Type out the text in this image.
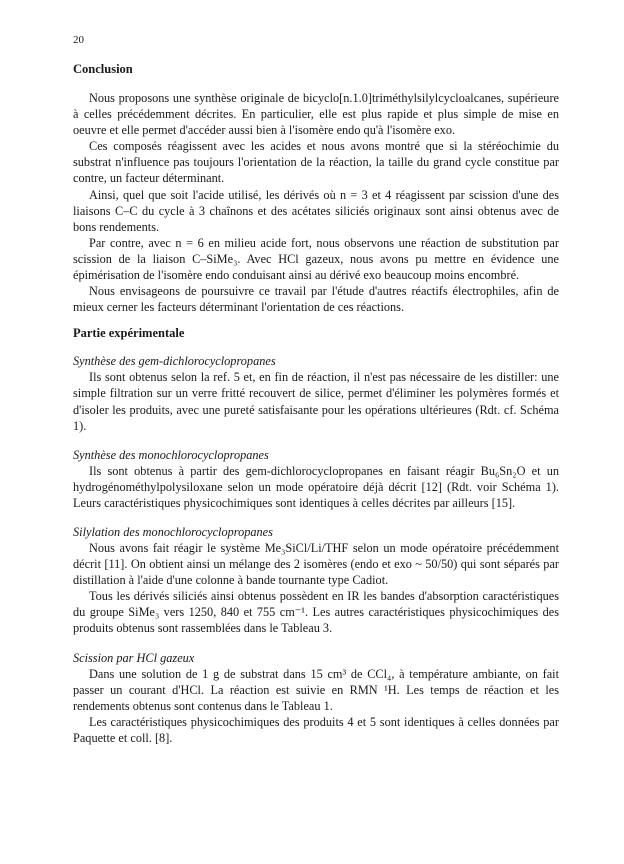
20
Conclusion

Nous proposons une synthèse originale de bicyclo[n.1.0]triméthylsilylcycloalcanes, supérieure à celles précédemment décrites. En particulier, elle est plus rapide et plus simple de mise en oeuvre et elle permet d'accéder aussi bien à l'isomère endo qu'à l'isomère exo.

Ces composés réagissent avec les acides et nous avons montré que si la stéréochimie du substrat n'influence pas toujours l'orientation de la réaction, la taille du grand cycle constitue par contre, un facteur déterminant.

Ainsi, quel que soit l'acide utilisé, les dérivés où n = 3 et 4 réagissent par scission d'une des liaisons C–C du cycle à 3 chaînons et des acétates siliciés originaux sont ainsi obtenus avec de bons rendements.

Par contre, avec n = 6 en milieu acide fort, nous observons une réaction de substitution par scission de la liaison C–SiMe₃. Avec HCl gazeux, nous avons pu mettre en évidence une épimérisation de l'isomère endo conduisant ainsi au dérivé exo beaucoup moins encombré.

Nous envisageons de poursuivre ce travail par l'étude d'autres réactifs électrophiles, afin de mieux cerner les facteurs déterminant l'orientation de ces réactions.

Partie expérimentale
Synthèse des gem-dichlorocyclopropanes

Ils sont obtenus selon la ref. 5 et, en fin de réaction, il n'est pas nécessaire de les distiller: une simple filtration sur un verre fritté recouvert de silice, permet d'éliminer les polymères formés et d'isoler les produits, avec une pureté satisfaisante pour les opérations ultérieures (Rdt. cf. Schéma 1).

Synthèse des monochlorocyclopropanes

Ils sont obtenus à partir des gem-dichlorocyclopropanes en faisant réagir Bu₆Sn₂O et un hydrogénométhylpolysiloxane selon un mode opératoire déjà décrit [12] (Rdt. voir Schéma 1). Leurs caractéristiques physicochimiques sont identiques à celles décrites par ailleurs [15].

Silylation des monochlorocyclopropanes

Nous avons fait réagir le système Me₃SiCl/Li/THF selon un mode opératoire précédemment décrit [11]. On obtient ainsi un mélange des 2 isomères (endo et exo ~ 50/50) qui sont séparés par distillation à l'aide d'une colonne à bande tournante type Cadiot.

Tous les dérivés siliciés ainsi obtenus possèdent en IR les bandes d'absorption caractéristiques du groupe SiMe₃ vers 1250, 840 et 755 cm⁻¹. Les autres caractéristiques physicochimiques des produits obtenus sont rassemblées dans le Tableau 3.

Scission par HCl gazeux

Dans une solution de 1 g de substrat dans 15 cm³ de CCl₄, à température ambiante, on fait passer un courant d'HCl. La réaction est suivie en RMN ¹H. Les temps de réaction et les rendements obtenus sont contenus dans le Tableau 1.

Les caractéristiques physicochimiques des produits 4 et 5 sont identiques à celles données par Paquette et coll. [8].
